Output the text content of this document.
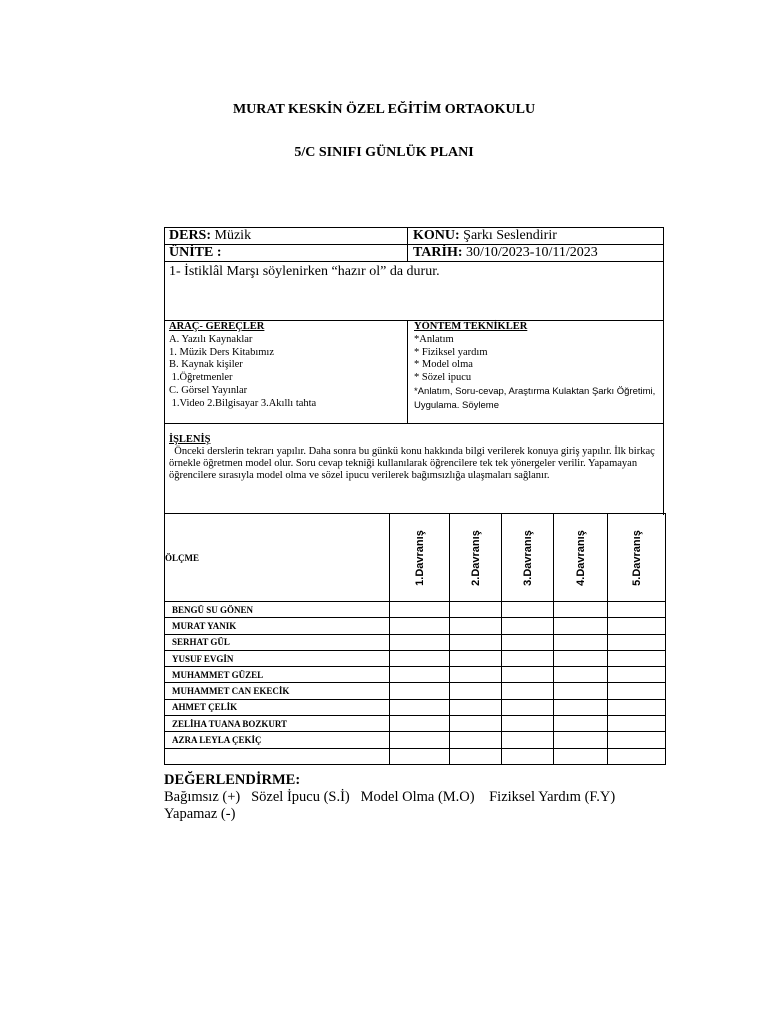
MURAT KESKİN ÖZEL EĞİTİM ORTAOKULU
5/C SINIFI GÜNLÜK PLANI
DERS: Müzik	KONU: Şarkı Seslendirir
ÜNİTE :	TARİH: 30/10/2023-10/11/2023
1- İstiklâl Marşı söylenirken “hazır ol” da durur.
ARAÇ- GEREÇLER
A. Yazılı Kaynaklar
1. Müzik Ders Kitabımız
B. Kaynak kişiler
1.Öğretmenler
C. Görsel Yayınlar
1.Video 2.Bilgisayar 3.Akıllı tahta
YÖNTEM TEKNİKLER
*Anlatım
* Fiziksel yardım
* Model olma
* Sözel ipucu
*Anlatım, Soru-cevap, Araştırma Kulaktan Şarkı Öğretimi, Uygulama. Söyleme
İŞLENİŞ
Önceki derslerin tekrarı yapılır. Daha sonra bu günkü konu hakkında bilgi verilerek konuya giriş yapılır. İlk birkaç örnekle öğretmen model olur. Soru cevap tekniği kullanılarak öğrencilere tek tek yönergeler verilir. Yapamayan öğrencilere sırasıyla model olma ve sözel ipucu verilerek bağımsızlığa ulaşmaları sağlanır.
ÖLÇME	1.Davranış	2.Davranış	3.Davranış	4.Davranış	5.Davranış

BENGÜ SU GÖNEN					
MURAT YANIK					
SERHAT GÜL					
YUSUF EVGİN					
MUHAMMET GÜZEL					
MUHAMMET CAN EKECİK					
AHMET ÇELİK					
ZELİHA TUANA BOZKURT					
AZRA LEYLA ÇEKİÇ					

DEĞERLENDİRME:
Bağımsız (+)   Sözel İpucu (S.İ)   Model Olma (M.O)    Fiziksel Yardım (F.Y)
Yapamaz (-)
